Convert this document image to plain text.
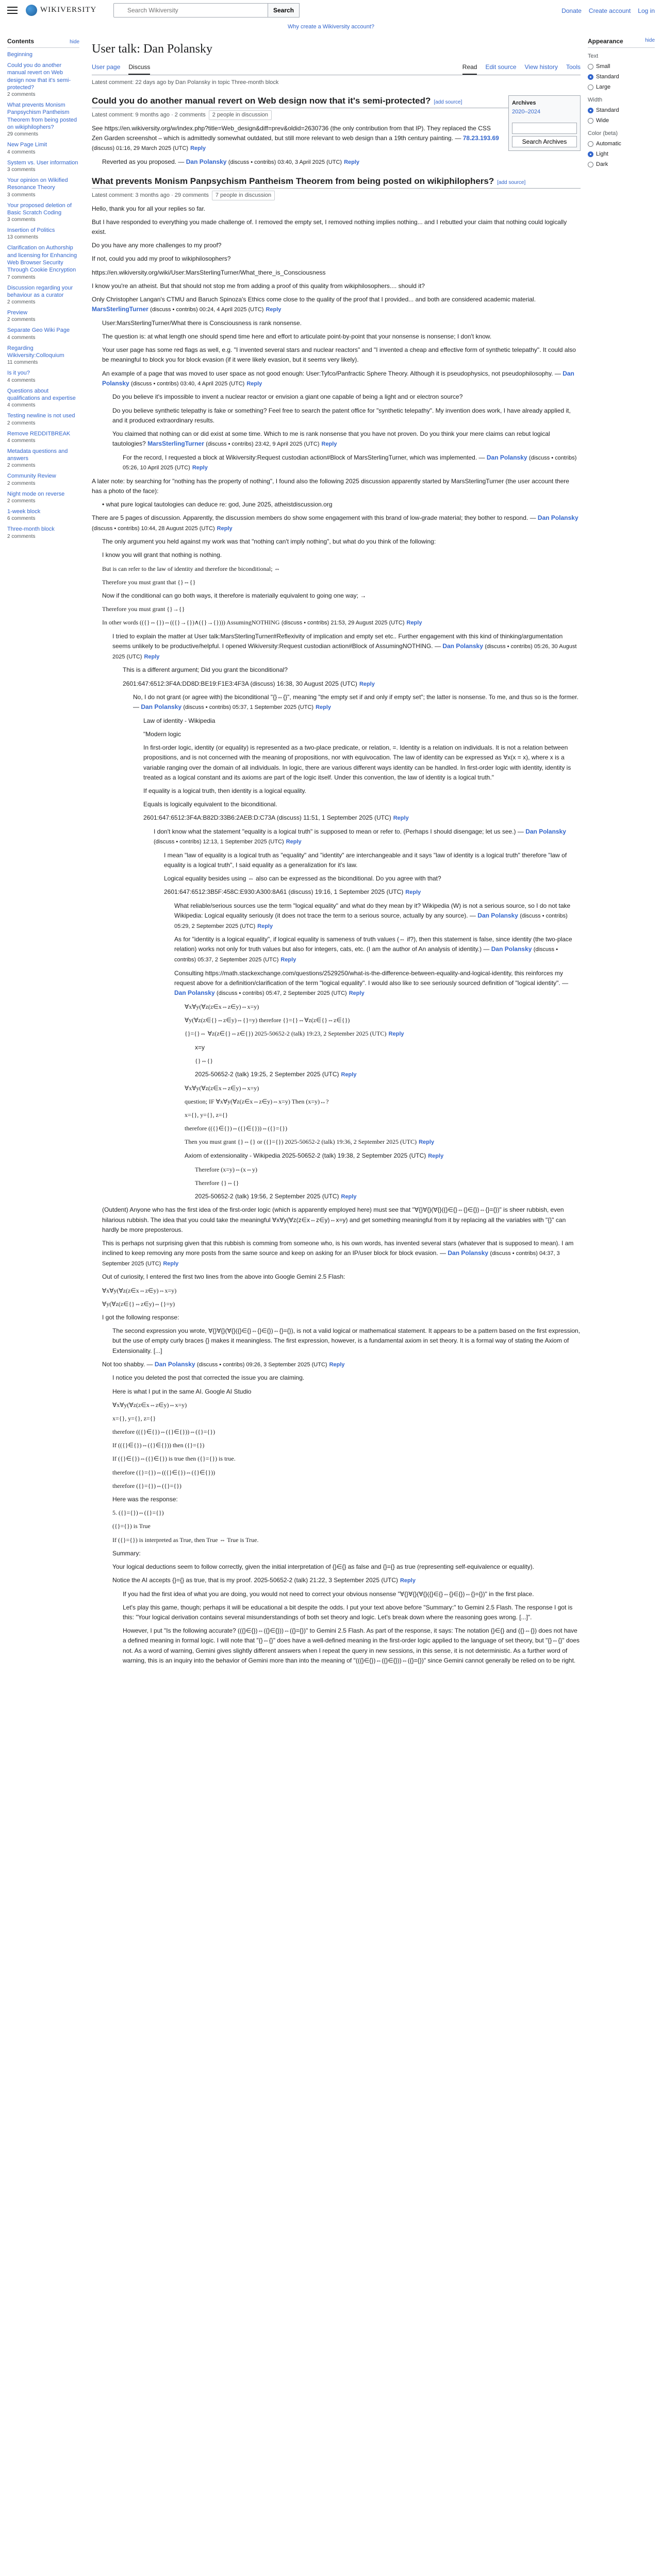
WIKIVERSITY
Search Wikiversity	Search	Donate Create account Log in
Why create a Wikiversity account?
Contents	hide
Beginning
Could you do another manual revert on Web design now that it's semi-protected?
2 comments
What prevents Monism Panpsychism Pantheism Theorem from being posted on wikiphilophers?
29 comments
New Page Limit
4 comments
System vs. User information
3 comments
Your opinion on Wikified Resonance Theory
3 comments
Your proposed deletion of Basic Scratch Coding
3 comments
Insertion of Politics
13 comments
Clarification on Authorship and licensing for Enhancing Web Browser Security Through Cookie Encryption
7 comments
Discussion regarding your behaviour as a curator
2 comments
Preview
2 comments
Separate Geo Wiki Page
4 comments
Regarding Wikiversity:Colloquium
11 comments
Is it you?
4 comments
Questions about qualifications and expertise
4 comments
Testing newline is not used
2 comments
Remove REDDITBREAK
4 comments
Metadata questions and answers
2 comments
Community Review
2 comments
Night mode on reverse
2 comments
1-week block
6 comments
Three-month block
2 comments
User talk: Dan Polansky
User page Discuss	Read Edit source View history Tools
Latest comment: 22 days ago by Dan Polansky in topic Three-month block
Archives
2020–2024
Search Archives
Could you do another manual revert on Web design now that it's semi-protected? [add source]
Latest comment: 9 months ago · 2 comments 2 people in discussion
See https://en.wikiversity.org/w/index.php?title=Web_design&diff=prev&oldid=2630736 (the only contribution from that IP). They replaced the CSS Zen Garden screenshot – which is admittedly somewhat outdated, but still more relevant to web design than a 19th century painting. — 78.23.193.69 (discuss) 01:16, 29 March 2025 (UTC) Reply
Reverted as you proposed. — Dan Polansky (discuss • contribs) 03:40, 3 April 2025 (UTC) Reply
What prevents Monism Panpsychism Pantheism Theorem from being posted on wikiphilophers? [add source]
Latest comment: 3 months ago · 29 comments 7 people in discussion
Hello, thank you for all your replies so far.
But I have responded to everything you made challenge of. I removed the empty set, I removed nothing implies nothing... and I rebutted your claim that nothing could logically exist.
Do you have any more challenges to my proof?
If not, could you add my proof to wikiphilosophers?
https://en.wikiversity.org/wiki/User:MarsSterlingTurner/What_there_is_Consciousness
I know you're an atheist. But that should not stop me from adding a proof of this quality from wikiphilosophers.... should it?
Only Christopher Langan's CTMU and Baruch Spinoza's Ethics come close to the quality of the proof that I provided... and both are considered academic material. MarsSterlingTurner (discuss • contribs) 00:24, 4 April 2025 (UTC) Reply
User:MarsSterlingTurner/What there is Consciousness is rank nonsense.
The question is: at what length one should spend time here and effort to articulate point-by-point that your nonsense is nonsense; I don't know.
Your user page has some red flags as well, e.g. "I invented several stars and nuclear reactors" and "I invented a cheap and effective form of synthetic telepathy". It could also be meaningful to block you for block evasion (if it were likely evasion, but it seems very likely).
An example of a page that was moved to user space as not good enough: User:Tyfco/Panfractic Sphere Theory. Although it is pseudophysics, not pseudophilosophy. — Dan Polansky (discuss • contribs) 03:40, 4 April 2025 (UTC) Reply
Do you believe it's impossible to invent a nuclear reactor or envision a giant one capable of being a light and or electron source?
Do you believe synthetic telepathy is fake or something? Feel free to search the patent office for "synthetic telepathy". My invention does work, I have already applied it, and it produced extraordinary results.
You claimed that nothing can or did exist at some time. Which to me is rank nonsense that you have not proven. Do you think your mere claims can rebut logical tautologies? MarsSterlingTurner (discuss • contribs) 23:42, 9 April 2025 (UTC) Reply
For the record, I requested a block at Wikiversity:Request custodian action#Block of MarsSterlingTurner, which was implemented. — Dan Polansky (discuss • contribs) 05:26, 10 April 2025 (UTC) Reply
A later note: by searching for "nothing has the property of nothing", I found also the following 2025 discussion apparently started by MarsSterlingTurner (the user account there has a photo of the face):
• what pure logical tautologies can deduce re: god, June 2025, atheistdiscussion.org
There are 5 pages of discussion. Apparently, the discussion members do show some engagement with this brand of low-grade material; they bother to respond. — Dan Polansky (discuss • contribs) 10:44, 28 August 2025 (UTC) Reply
The only argument you held against my work was that "nothing can't imply nothing", but what do you think of the following:
I know you will grant that nothing is nothing.
But is can refer to the law of identity and therefore the biconditional; ⇔
Therefore you must grant that {}⇔{}
Now if the conditional can go both ways, it therefore is materially equivalent to going one way; →
Therefore you must grant {}→{}
In other words (({}⇔{})⇔(({}→{})∧({}→{}))) AssumingNOTHING (discuss • contribs) 21:53, 29 August 2025 (UTC) Reply
I tried to explain the matter at User talk:MarsSterlingTurner#Reflexivity of implication and empty set etc.. Further engagement with this kind of thinking/argumentation seems unlikely to be productive/helpful. I opened Wikiversity:Request custodian action#Block of AssumingNOTHING. — Dan Polansky (discuss • contribs) 05:26, 30 August 2025 (UTC) Reply
This is a different argument; Did you grant the biconditional?
2601:647:6512:3F4A:DD8D:BE19:F1E3:4F3A (discuss) 16:38, 30 August 2025 (UTC) Reply
No, I do not grant (or agree with) the biconditional "{}⇔{}", meaning "the empty set if and only if empty set"; the latter is nonsense. To me, and thus so is the former. — Dan Polansky (discuss • contribs) 05:37, 1 September 2025 (UTC) Reply
Law of identity - Wikipedia
"Modern logic
In first-order logic, identity (or equality) is represented as a two-place predicate, or relation, =. Identity is a relation on individuals. It is not a relation between propositions, and is not concerned with the meaning of propositions, nor with equivocation. The law of identity can be expressed as ∀x(x = x), where x is a variable ranging over the domain of all individuals. In logic, there are various different ways identity can be handled. In first-order logic with identity, identity is treated as a logical constant and its axioms are part of the logic itself. Under this convention, the law of identity is a logical truth."
If equality is a logical truth, then identity is a logical equality.
Equals is logically equivalent to the biconditional.
2601:647:6512:3F4A:B82D:33B6:2AEB:D:C73A (discuss) 11:51, 1 September 2025 (UTC) Reply
I don't know what the statement "equality is a logical truth" is supposed to mean or refer to. (Perhaps I should disengage; let us see.) — Dan Polansky (discuss • contribs) 12:13, 1 September 2025 (UTC) Reply
I mean "law of equality is a logical truth as "equality" and "identity" are interchangeable and it says "law of identity is a logical truth" therefore "law of equality is a logical truth", I said equality as a generalization for it's law.
Logical equality besides using ⇔ also can be expressed as the biconditional. Do you agree with that?
2601:647:6512:3B5F:458C:E930:A300:8A61 (discuss) 19:16, 1 September 2025 (UTC) Reply
What reliable/serious sources use the term "logical equality" and what do they mean by it? Wikipedia (W) is not a serious source, so I do not take Wikipedia: Logical equality seriously (it does not trace the term to a serious source, actually by any source). — Dan Polansky (discuss • contribs) 05:29, 2 September 2025 (UTC) Reply
As for "identity is a logical equality", if logical equality is sameness of truth values (⇔ if?), then this statement is false, since identity (the two-place relation) works not only for truth values but also for integers, cats, etc. (I am the author of An analysis of identity.) — Dan Polansky (discuss • contribs) 05:37, 2 September 2025 (UTC) Reply
Consulting https://math.stackexchange.com/questions/2529250/what-is-the-difference-between-equality-and-logical-identity, this reinforces my request above for a definition/clarification of the term "logical equality". I would also like to see seriously sourced definition of "logical identity". — Dan Polansky (discuss • contribs) 05:47, 2 September 2025 (UTC) Reply
∀x∀y(∀z(z∈x⇔z∈y)⇔x=y)
∀y(∀z(z∈{}⇔z∈y)⇔{}=y) therefore {}={}⇔∀z(z∈{}⇔z∈{})
{}={}⇔ ∀z(z∈{}⇔z∈{}) 2025-50652-2 (talk) 19:23, 2 September 2025 (UTC) Reply
x=y
{}⇔{}
2025-50652-2 (talk) 19:25, 2 September 2025 (UTC) Reply
∀x∀y(∀z(z∈x⇔z∈y)⇔x=y)
question; IF ∀x∀y(∀z(z∈x⇔z∈y)⇔x=y) Then (x=y)↔?
x={}, y={}, z={}
therefore (({}∈{})⇔({}∈{}))⇔({}={})
Then you must grant {}⇔{} or ({}={}) 2025-50652-2 (talk) 19:36, 2 September 2025 (UTC) Reply
Axiom of extensionality - Wikipedia 2025-50652-2 (talk) 19:38, 2 September 2025 (UTC) Reply
Therefore (x=y)⇔(x⇔y)
Therefore {}⇔{}
2025-50652-2 (talk) 19:56, 2 September 2025 (UTC) Reply
(Outdent) Anyone who has the first idea of the first-order logic (which is apparently employed here) must see that "∀{}∀{}(∀{}({}∈{}⇔{}∈{})⇔{}={})" is sheer rubbish, even hilarious rubbish. The idea that you could take the meaningful ∀x∀y(∀z(z∈x⇔z∈y)⇔x=y) and get something meaningful from it by replacing all the variables with "{}" can hardly be more preposterous.
This is perhaps not surprising given that this rubbish is comming from someone who, is his own words, has invented several stars (whatever that is supposed to mean). I am inclined to keep removing any more posts from the same source and keep on asking for an IP/user block for block evasion. — Dan Polansky (discuss • contribs) 04:37, 3 September 2025 (UTC) Reply
Out of curiosity, I entered the first two lines from the above into Google Gemini 2.5 Flash:
∀x∀y(∀z(z∈x⇔z∈y)⇔x=y)
∀y(∀z(z∈{}⇔z∈y)⇔{}=y)
I got the following response:
The second expression you wrote, ∀{}∀{}(∀{}({}∈{}⇔{}∈{})⇔{}={}), is not a valid logical or mathematical statement. It appears to be a pattern based on the first expression, but the use of empty curly braces {} makes it meaningless. The first expression, however, is a fundamental axiom in set theory. It is a formal way of stating the Axiom of Extensionality. [...]
Not too shabby. — Dan Polansky (discuss • contribs) 09:26, 3 September 2025 (UTC) Reply
I notice you deleted the post that corrected the issue you are claiming.
Here is what I put in the same AI. Google AI Studio
∀x∀y(∀z(z∈x⇔z∈y)⇔x=y)
x={}, y={}, z={}
therefore (({}∈{})⇔({}∈{}))⇔({}={})
If (({}∈{})⇔({}∈{})) then ({}={})
If ({}∈{})⇔({}∈{}) is true then ({}={}) is true.
therefore ({}={})⇔(({}∈{})⇔({}∈{}))
therefore ({}={})⇔({}={})
Here was the response:
5. ({}={})⇔({}={})
({}={}) is True
If ({}={}) is interpreted as True, then True ⇔ True is True.
Summary:
Your logical deductions seem to follow correctly, given the initial interpretation of {}∈{} as false and {}={} as true (representing self-equivalence or equality).
Notice the AI accepts {}={} as true, that is my proof. 2025-50652-2 (talk) 21:22, 3 September 2025 (UTC) Reply
If you had the first idea of what you are doing, you would not need to correct your obvious nonsense "∀{}∀{}(∀{}({}∈{}⇔{}∈{})⇔{}={})" in the first place.
Let's play this game, though; perhaps it will be educational a bit despite the odds. I put your text above before "Summary:" to Gemini 2.5 Flash. The response I got is this: "Your logical derivation contains several misunderstandings of both set theory and logic. Let's break down where the reasoning goes wrong. [...]".
However, I put "Is the following accurate? (({}∈{})⇔({}∈{}))⇔({}={})" to Gemini 2.5 Flash. As part of the response, it says: The notation {}∈{} and ({}⇔{}) does not have a defined meaning in formal logic. I will note that "{}⇔{}" does have a well-defined meaning in the first-order logic applied to the language of set theory, but "{}⇔{}" does not. As a word of warning, Gemini gives slightly different answers when I repeat the query in new sessions, in this sense, it is not deterministic. As a further word of warning, this is an inquiry into the behavior of Gemini more than into the meaning of "(({}∈{})⇔({}∈{}))⇔({}={})" since Gemini cannot generally be relied on to be right.
Appearance	hide
Text
Small
Standard
Large
Width
Standard
Wide
Color (beta)
Automatic
Light
Dark
